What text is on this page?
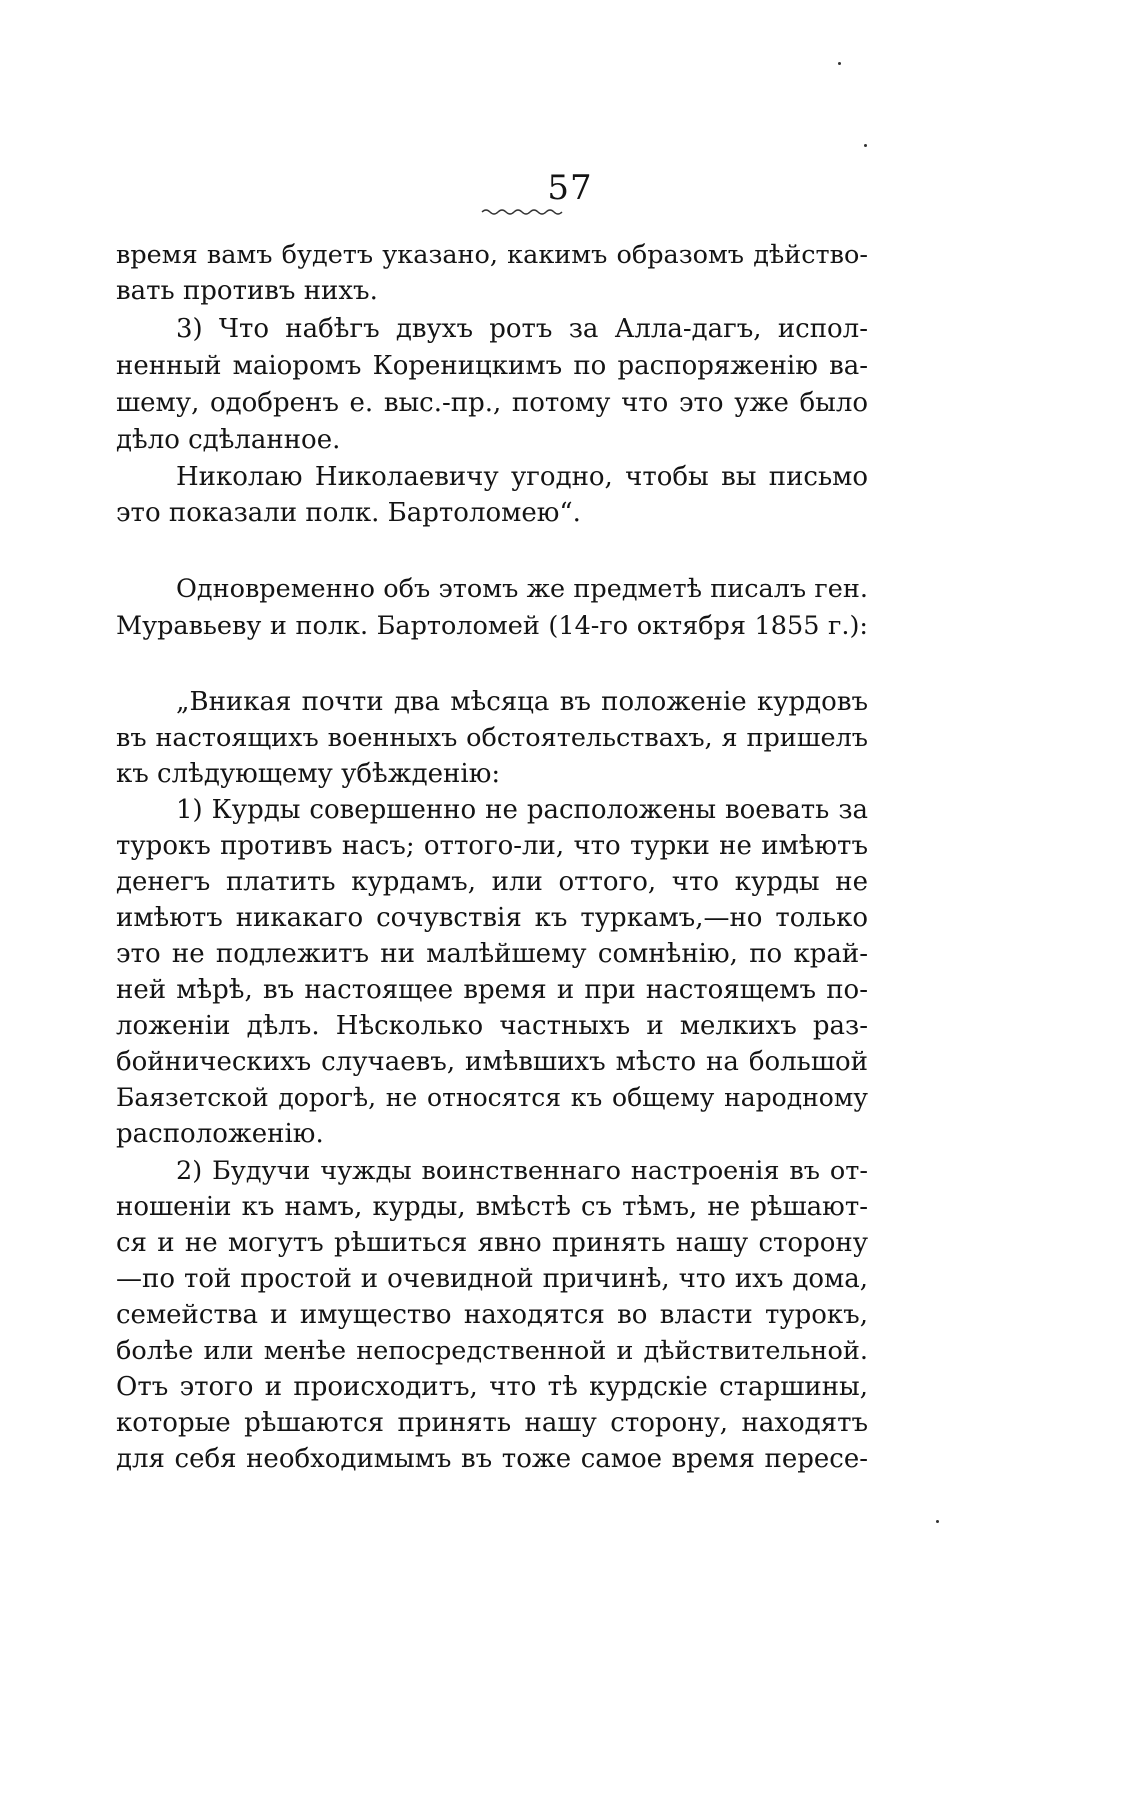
57
время вамъ будетъ указано, какимъ образомъ дѣйство-
вать противъ нихъ.
3) Что набѣгъ двухъ ротъ за Алла-дагъ, испол-
ненный маіоромъ Корeницкимъ по распоряженію ва-
шему, одобренъ е. выс.-пр., потому что это уже было
дѣло сдѣланное.
Николаю Николаевичу угодно, чтобы вы письмо
это показали полк. Бартоломею“.
Одновременно объ этомъ же предметѣ писалъ ген.
Муравьеву и полк. Бартоломей (14-го октября 1855 г.):
„Вникая почти два мѣсяца въ положеніе курдовъ
въ настоящихъ военныхъ обстоятельствахъ, я пришелъ
къ слѣдующему убѣжденію:
1) Курды совершенно не расположены воевать за
турокъ противъ насъ; оттого-ли, что турки не имѣютъ
денегъ платить курдамъ, или оттого, что курды не
имѣютъ никакаго сочувствія къ туркамъ,—но только
это не подлежитъ ни малѣйшему сомнѣнію, по край-
ней мѣрѣ, въ настоящее время и при настоящемъ по-
ложеніи дѣлъ. Нѣсколько частныхъ и мелкихъ раз-
бойническихъ случаевъ, имѣвшихъ мѣсто на большой
Баязетской дорогѣ, не относятся къ общему народному
расположенію.
2) Будучи чужды воинственнаго настроенія въ от-
ношеніи къ намъ, курды, вмѣстѣ съ тѣмъ, не рѣшают-
ся и не могутъ рѣшиться явно принять нашу сторону
—по той простой и очевидной причинѣ, что ихъ дома,
семейства и имущество находятся во власти турокъ,
болѣе или менѣе непосредственной и дѣйствительной.
Отъ этого и происходитъ, что тѣ курдскіе старшины,
которые рѣшаются принять нашу сторону, находятъ
для себя необходимымъ въ тоже самое время пересе-
